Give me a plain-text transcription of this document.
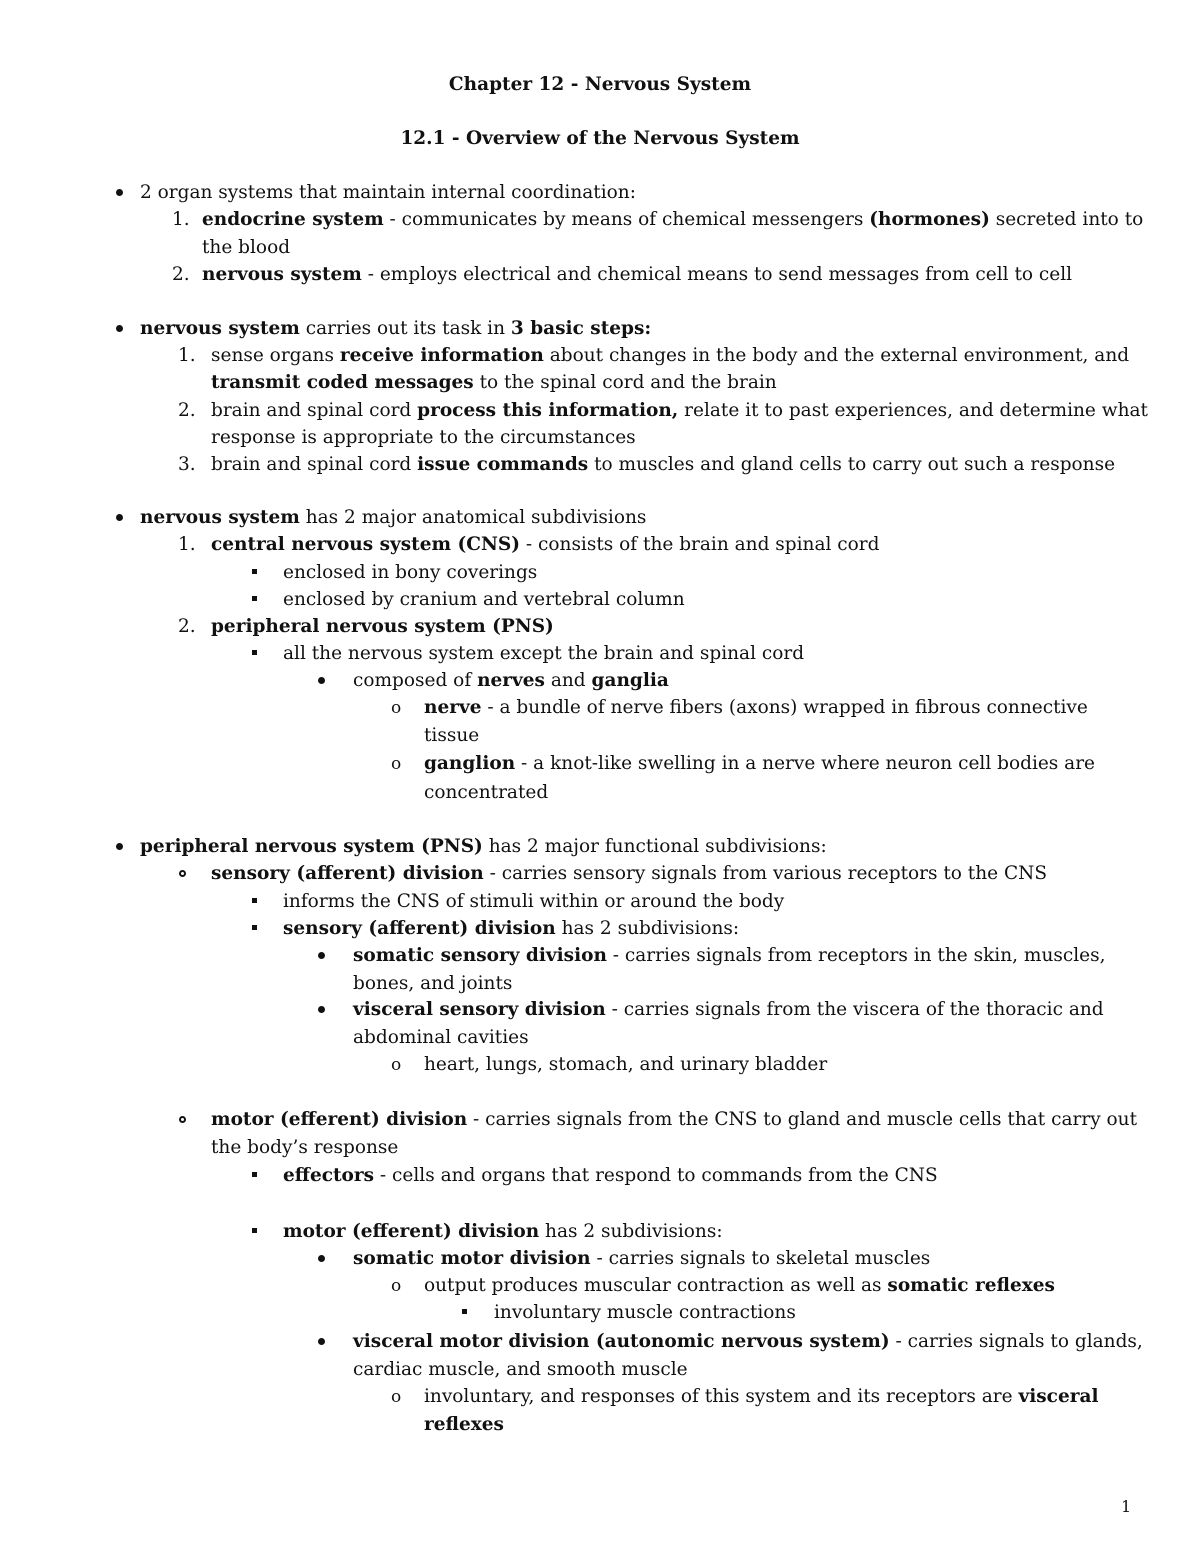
Chapter 12 - Nervous System
12.1 - Overview of the Nervous System
2 organ systems that maintain internal coordination:
1. endocrine system - communicates by means of chemical messengers (hormones) secreted into to
the blood
2. nervous system - employs electrical and chemical means to send messages from cell to cell
nervous system carries out its task in 3 basic steps:
1. sense organs receive information about changes in the body and the external environment, and
transmit coded messages to the spinal cord and the brain
2. brain and spinal cord process this information, relate it to past experiences, and determine what
response is appropriate to the circumstances
3. brain and spinal cord issue commands to muscles and gland cells to carry out such a response
nervous system has 2 major anatomical subdivisions
1. central nervous system (CNS) - consists of the brain and spinal cord
enclosed in bony coverings
enclosed by cranium and vertebral column
2. peripheral nervous system (PNS)
all the nervous system except the brain and spinal cord
composed of nerves and ganglia
o nerve - a bundle of nerve fibers (axons) wrapped in fibrous connective
tissue
o ganglion - a knot-like swelling in a nerve where neuron cell bodies are
concentrated
peripheral nervous system (PNS) has 2 major functional subdivisions:
sensory (afferent) division - carries sensory signals from various receptors to the CNS
informs the CNS of stimuli within or around the body
sensory (afferent) division has 2 subdivisions:
somatic sensory division - carries signals from receptors in the skin, muscles,
bones, and joints
visceral sensory division - carries signals from the viscera of the thoracic and
abdominal cavities
o heart, lungs, stomach, and urinary bladder
motor (efferent) division - carries signals from the CNS to gland and muscle cells that carry out
the body’s response
effectors - cells and organs that respond to commands from the CNS
motor (efferent) division has 2 subdivisions:
somatic motor division - carries signals to skeletal muscles
o output produces muscular contraction as well as somatic reflexes
involuntary muscle contractions
visceral motor division (autonomic nervous system) - carries signals to glands,
cardiac muscle, and smooth muscle
o involuntary, and responses of this system and its receptors are visceral
reflexes
1
